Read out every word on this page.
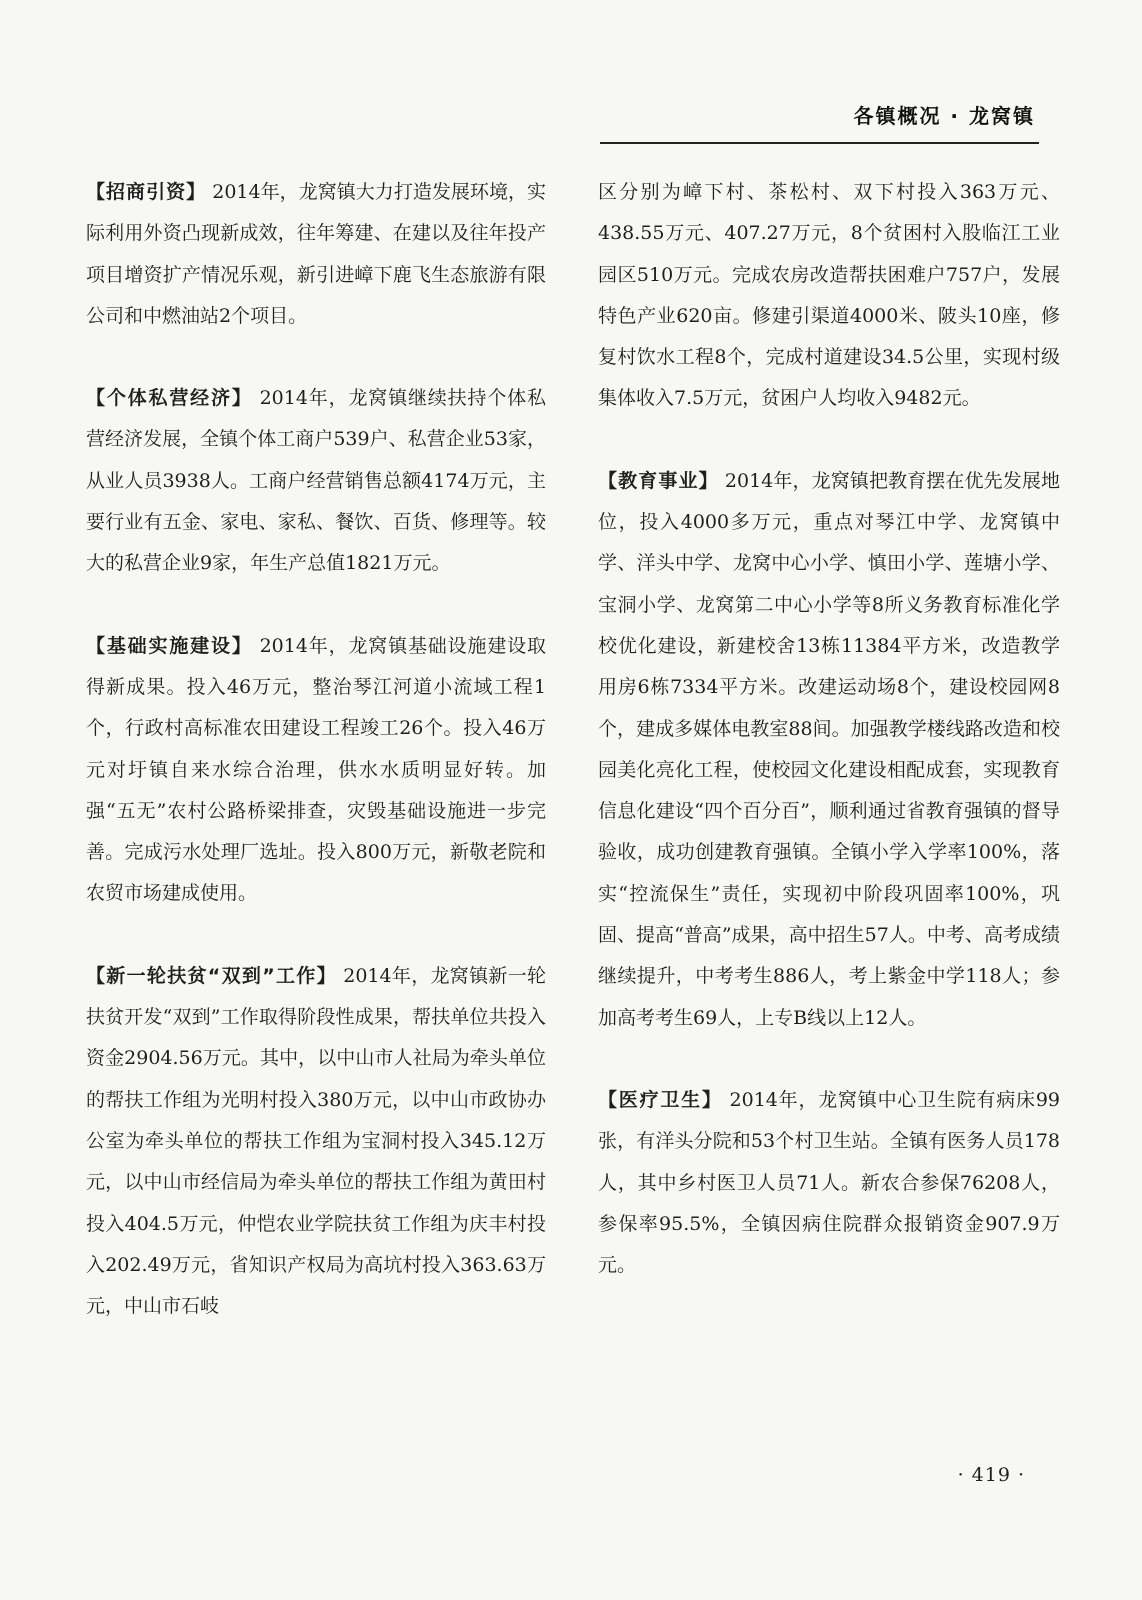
各镇概况 · 龙窝镇

【招商引资】 2014年，龙窝镇大力打造发展环境，实际利用外资凸现新成效，往年筹建、在建以及往年投产项目增资扩产情况乐观，新引进嶂下鹿飞生态旅游有限公司和中燃油站2个项目。

【个体私营经济】 2014年，龙窝镇继续扶持个体私营经济发展，全镇个体工商户539户、私营企业53家，从业人员3938人。工商户经营销售总额4174万元，主要行业有五金、家电、家私、餐饮、百货、修理等。较大的私营企业9家，年生产总值1821万元。

【基础实施建设】 2014年，龙窝镇基础设施建设取得新成果。投入46万元，整治琴江河道小流域工程1个，行政村高标准农田建设工程竣工26个。投入46万元对圩镇自来水综合治理，供水水质明显好转。加强“五无”农村公路桥梁排查，灾毁基础设施进一步完善。完成污水处理厂选址。投入800万元，新敬老院和农贸市场建成使用。

【新一轮扶贫“双到”工作】 2014年，龙窝镇新一轮扶贫开发“双到”工作取得阶段性成果，帮扶单位共投入资金2904.56万元。其中，以中山市人社局为牵头单位的帮扶工作组为光明村投入380万元，以中山市政协办公室为牵头单位的帮扶工作组为宝洞村投入345.12万元，以中山市经信局为牵头单位的帮扶工作组为黄田村投入404.5万元，仲恺农业学院扶贫工作组为庆丰村投入202.49万元，省知识产权局为高坑村投入363.63万元，中山市石岐

区分别为嶂下村、茶松村、双下村投入363万元、438.55万元、407.27万元，8个贫困村入股临江工业园区510万元。完成农房改造帮扶困难户757户，发展特色产业620亩。修建引渠道4000米、陂头10座，修复村饮水工程8个，完成村道建设34.5公里，实现村级集体收入7.5万元，贫困户人均收入9482元。

【教育事业】 2014年，龙窝镇把教育摆在优先发展地位，投入4000多万元，重点对琴江中学、龙窝镇中学、洋头中学、龙窝中心小学、慎田小学、莲塘小学、宝洞小学、龙窝第二中心小学等8所义务教育标准化学校优化建设，新建校舍13栋11384平方米，改造教学用房6栋7334平方米。改建运动场8个，建设校园网8个，建成多媒体电教室88间。加强教学楼线路改造和校园美化亮化工程，使校园文化建设相配成套，实现教育信息化建设“四个百分百”，顺利通过省教育强镇的督导验收，成功创建教育强镇。全镇小学入学率100%，落实“控流保生”责任，实现初中阶段巩固率100%，巩固、提高“普高”成果，高中招生57人。中考、高考成绩继续提升，中考考生886人，考上紫金中学118人；参加高考考生69人，上专B线以上12人。

【医疗卫生】 2014年，龙窝镇中心卫生院有病床99张，有洋头分院和53个村卫生站。全镇有医务人员178人，其中乡村医卫人员71人。新农合参保76208人，参保率95.5%，全镇因病住院群众报销资金907.9万元。

· 419 ·
